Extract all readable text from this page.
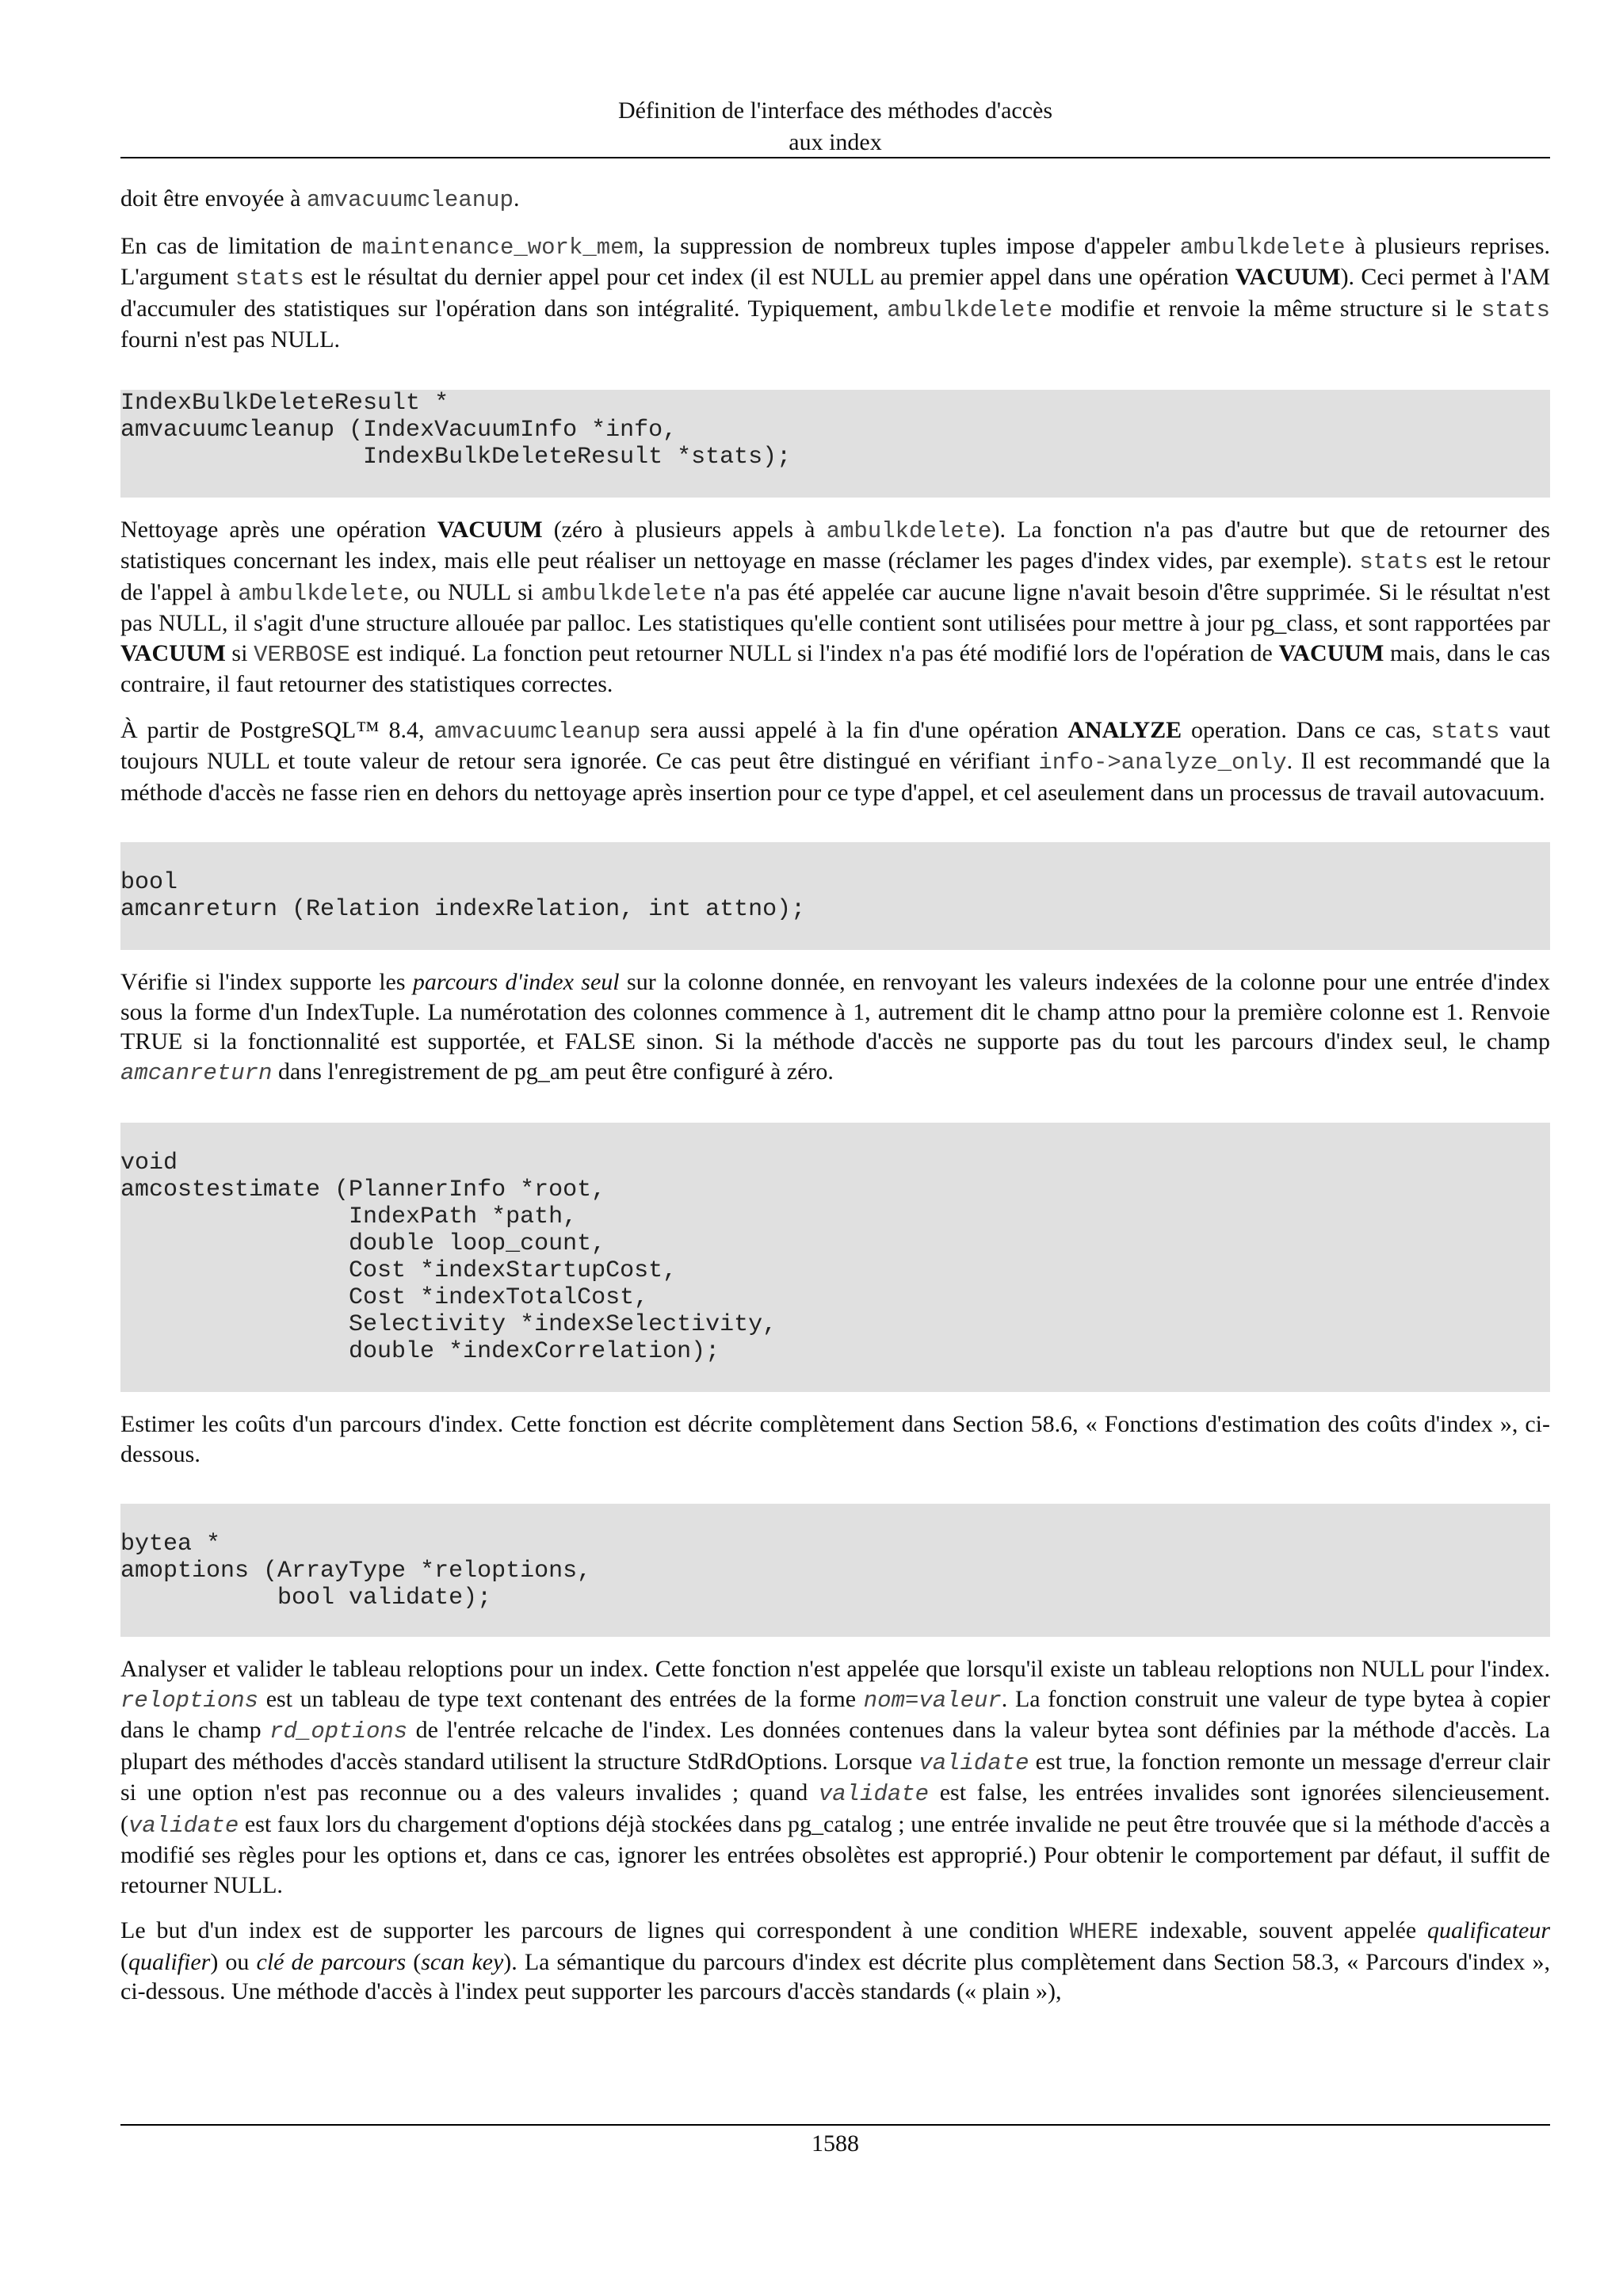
Définition de l'interface des méthodes d'accès
aux index

doit être envoyée à amvacuumcleanup.

En cas de limitation de maintenance_work_mem, la suppression de nombreux tuples impose d'appeler ambulkdelete à plusieurs reprises. L'argument stats est le résultat du dernier appel pour cet index (il est NULL au premier appel dans une opération VACUUM). Ceci permet à l'AM d'accumuler des statistiques sur l'opération dans son intégralité. Typiquement, ambulkdelete modifie et renvoie la même structure si le stats fourni n'est pas NULL.

IndexBulkDeleteResult *
amvacuumcleanup (IndexVacuumInfo *info,
IndexBulkDeleteResult *stats);

Nettoyage après une opération VACUUM (zéro à plusieurs appels à ambulkdelete). La fonction n'a pas d'autre but que de retourner des statistiques concernant les index, mais elle peut réaliser un nettoyage en masse (réclamer les pages d'index vides, par exemple). stats est le retour de l'appel à ambulkdelete, ou NULL si ambulkdelete n'a pas été appelée car aucune ligne n'avait besoin d'être supprimée. Si le résultat n'est pas NULL, il s'agit d'une structure allouée par palloc. Les statistiques qu'elle contient sont utilisées pour mettre à jour pg_class, et sont rapportées par VACUUM si VERBOSE est indiqué. La fonction peut retourner NULL si l'index n'a pas été modifié lors de l'opération de VACUUM mais, dans le cas contraire, il faut retourner des statistiques correctes.

À partir de PostgreSQL™ 8.4, amvacuumcleanup sera aussi appelé à la fin d'une opération ANALYZE operation. Dans ce cas, stats vaut toujours NULL et toute valeur de retour sera ignorée. Ce cas peut être distingué en vérifiant info->analyze_only. Il est recommandé que la méthode d'accès ne fasse rien en dehors du nettoyage après insertion pour ce type d'appel, et cel aseulement dans un processus de travail autovacuum.

bool
amcanreturn (Relation indexRelation, int attno);

Vérifie si l'index supporte les parcours d'index seul sur la colonne donnée, en renvoyant les valeurs indexées de la colonne pour une entrée d'index sous la forme d'un IndexTuple. La numérotation des colonnes commence à 1, autrement dit le champ attno pour la première colonne est 1. Renvoie TRUE si la fonctionnalité est supportée, et FALSE sinon. Si la méthode d'accès ne supporte pas du tout les parcours d'index seul, le champ amcanreturn dans l'enregistrement de pg_am peut être configuré à zéro.

void
amcostestimate (PlannerInfo *root,
IndexPath *path,
double loop_count,
Cost *indexStartupCost,
Cost *indexTotalCost,
Selectivity *indexSelectivity,
double *indexCorrelation);

Estimer les coûts d'un parcours d'index. Cette fonction est décrite complètement dans Section 58.6, « Fonctions d'estimation des coûts d'index », ci-dessous.

bytea *
amoptions (ArrayType *reloptions,
bool validate);

Analyser et valider le tableau reloptions pour un index. Cette fonction n'est appelée que lorsqu'il existe un tableau reloptions non NULL pour l'index. reloptions est un tableau de type text contenant des entrées de la forme nom=valeur. La fonction construit une valeur de type bytea à copier dans le champ rd_options de l'entrée relcache de l'index. Les données contenues dans la valeur bytea sont définies par la méthode d'accès. La plupart des méthodes d'accès standard utilisent la structure StdRdOptions. Lorsque validate est true, la fonction remonte un message d'erreur clair si une option n'est pas reconnue ou a des valeurs invalides ; quand validate est false, les entrées invalides sont ignorées silencieusement. (validate est faux lors du chargement d'options déjà stockées dans pg_catalog ; une entrée invalide ne peut être trouvée que si la méthode d'accès a modifié ses règles pour les options et, dans ce cas, ignorer les entrées obsolètes est approprié.) Pour obtenir le comportement par défaut, il suffit de retourner NULL.

Le but d'un index est de supporter les parcours de lignes qui correspondent à une condition WHERE indexable, souvent appelée qualificateur (qualifier) ou clé de parcours (scan key). La sémantique du parcours d'index est décrite plus complètement dans Section 58.3, « Parcours d'index », ci-dessous. Une méthode d'accès à l'index peut supporter les parcours d'accès standards (« plain »),

1588
